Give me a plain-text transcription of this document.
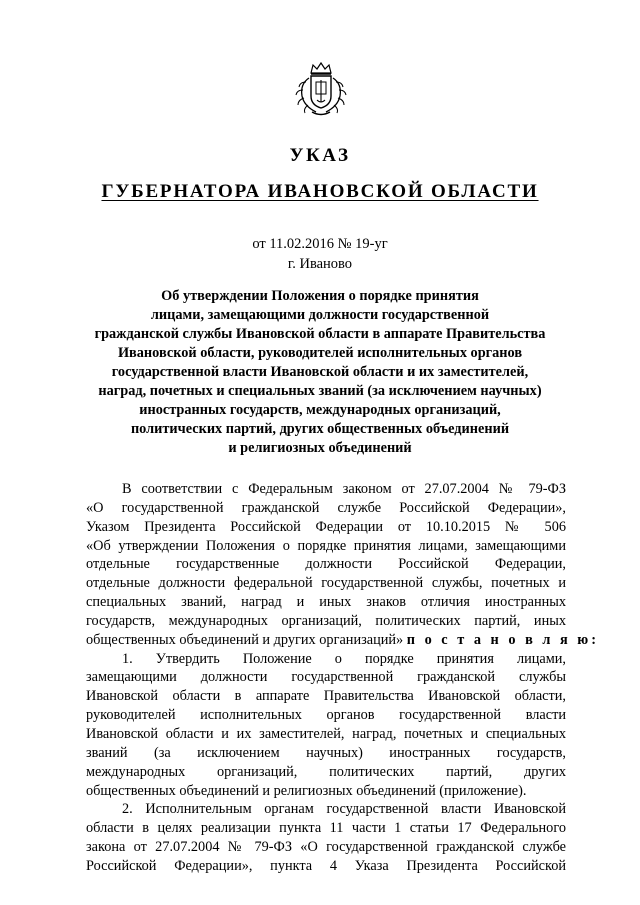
УКАЗ
ГУБЕРНАТОРА ИВАНОВСКОЙ ОБЛАСТИ
от 11.02.2016 № 19-уг
г. Иваново
Об утверждении Положения о порядке принятия
лицами, замещающими должности государственной
гражданской службы Ивановской области в аппарате Правительства
Ивановской области, руководителей исполнительных органов
государственной власти Ивановской области и их заместителей,
наград, почетных и специальных званий (за исключением научных)
иностранных государств, международных организаций,
политических партий, других общественных объединений
и религиозных объединений
В соответствии с Федеральным законом от 27.07.2004 № 79-ФЗ
«О государственной гражданской службе Российской Федерации»,
Указом Президента Российской Федерации от 10.10.2015 № 506
«Об утверждении Положения о порядке принятия лицами, замещающими
отдельные государственные должности Российской Федерации,
отдельные должности федеральной государственной службы, почетных и
специальных званий, наград и иных знаков отличия иностранных
государств, международных организаций, политических партий, иных
общественных объединений и других организаций» п о с т а н о в л я ю:
1. Утвердить Положение о порядке принятия лицами,
замещающими должности государственной гражданской службы
Ивановской области в аппарате Правительства Ивановской области,
руководителей исполнительных органов государственной власти
Ивановской области и их заместителей, наград, почетных и специальных
званий (за исключением научных) иностранных государств,
международных организаций, политических партий, других
общественных объединений и религиозных объединений (приложение).
2. Исполнительным органам государственной власти Ивановской
области в целях реализации пункта 11 части 1 статьи 17 Федерального
закона от 27.07.2004 № 79-ФЗ «О государственной гражданской службе
Российской Федерации», пункта 4 Указа Президента Российской
